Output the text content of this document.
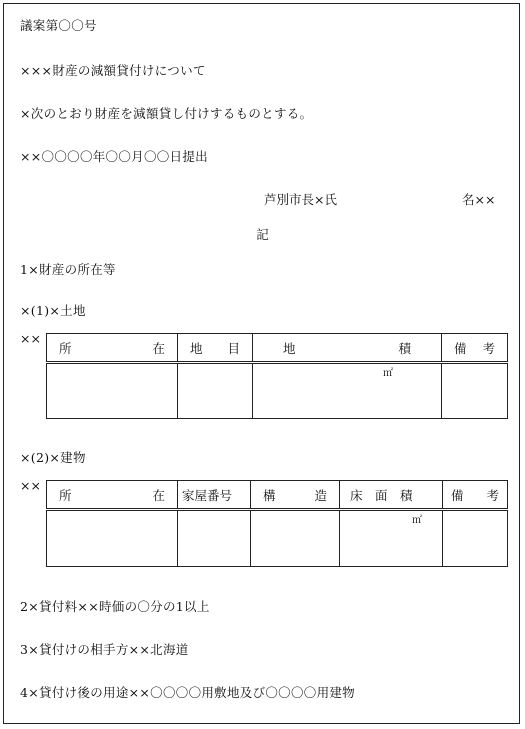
議案第〇〇号
×××財産の減額貸付けについて
×次のとおり財産を減額貸し付けするものとする。
××〇〇〇〇年〇〇月〇〇日提出
芦別市長×氏	名××
記
1×財産の所在等
×(1)×土地
××
所 在	地 目	地 積	備 考

		㎡	

×(2)×建物
××
所 在	家屋番号	構 造	床　面　積	備 考

			㎡	

2×貸付料××時価の〇分の1以上
3×貸付けの相手方××北海道
4×貸付け後の用途××〇〇〇〇用敷地及び〇〇〇〇用建物
